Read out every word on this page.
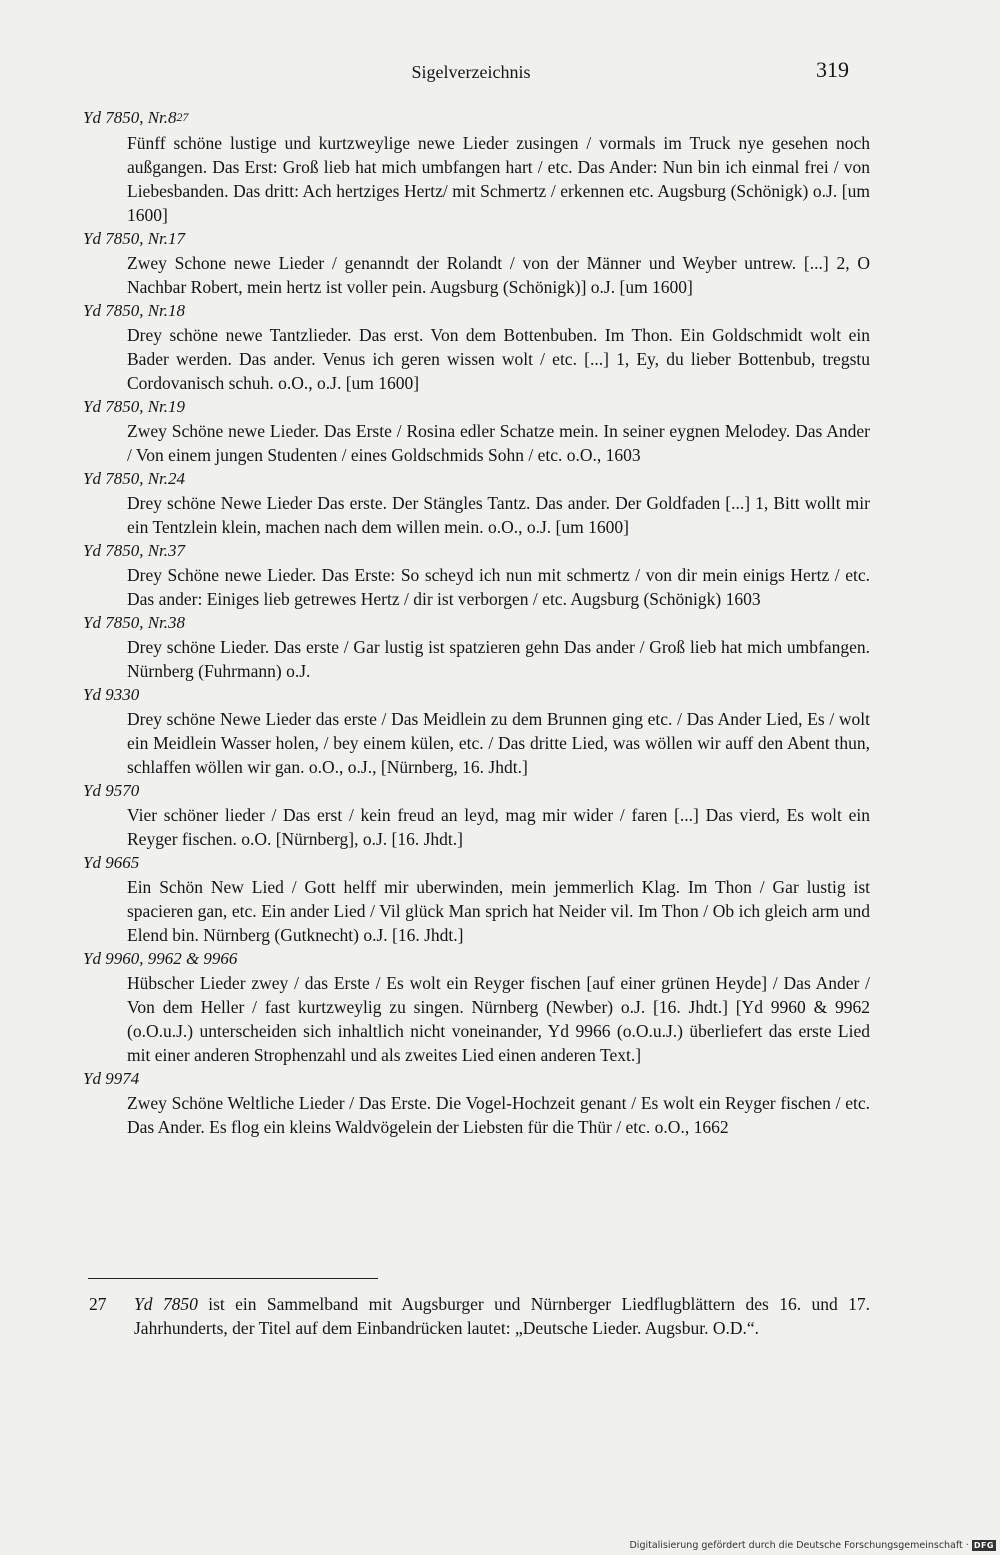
Sigelverzeichnis	319
Yd 7850, $Nr.8^{27}$
Fünff schöne lustige und kurtzweylige newe Lieder zusingen / vormals im Truck nye gesehen noch außgangen. Das Erst: Groß lieb hat mich umbfangen hart / etc. Das Ander: Nun bin ich einmal frei / von Liebesbanden. Das dritt: Ach hertziges Hertz/ mit Schmertz / erkennen etc. Augsburg (Schönigk) o.J. [um 1600]
Yd 7850, Nr.17
Zwey Schone newe Lieder / genanndt der Rolandt / von der Männer und Weyber untrew. [...] 2, O Nachbar Robert, mein hertz ist voller pein. Augsburg (Schönigk)] o.J. [um 1600]
Yd 7850, Nr.18
Drey schöne newe Tantzlieder. Das erst. Von dem Bottenbuben. Im Thon. Ein Goldschmidt wolt ein Bader werden. Das ander. Venus ich geren wissen wolt / etc. [...] 1, Ey, du lieber Bottenbub, tregstu Cordovanisch schuh. o.O., o.J. [um 1600]
Yd 7850, Nr.19
Zwey Schöne newe Lieder. Das Erste / Rosina edler Schatze mein. In seiner eygnen Melodey. Das Ander / Von einem jungen Studenten / eines Goldschmids Sohn / etc. o.O., 1603
Yd 7850, Nr.24
Drey schöne Newe Lieder Das erste. Der Stängles Tantz. Das ander. Der Goldfaden [...] 1, Bitt wollt mir ein Tentzlein klein, machen nach dem willen mein. o.O., o.J. [um 1600]
Yd 7850, Nr.37
Drey Schöne newe Lieder. Das Erste: So scheyd ich nun mit schmertz / von dir mein einigs Hertz / etc. Das ander: Einiges lieb getrewes Hertz / dir ist verborgen / etc. Augsburg (Schönigk) 1603
Yd 7850, Nr.38
Drey schöne Lieder. Das erste / Gar lustig ist spatzieren gehn Das ander / Groß lieb hat mich umbfangen. Nürnberg (Fuhrmann) o.J.
Yd 9330
Drey schöne Newe Lieder das erste / Das Meidlein zu dem Brunnen ging etc. / Das Ander Lied, Es / wolt ein Meidlein Wasser holen, / bey einem külen, etc. / Das dritte Lied, was wöllen wir auff den Abent thun, schlaffen wöllen wir gan. o.O., o.J., [Nürnberg, 16. Jhdt.]
Yd 9570
Vier schöner lieder / Das erst / kein freud an leyd, mag mir wider / faren [...] Das vierd, Es wolt ein Reyger fischen. o.O. [Nürnberg], o.J. [16. Jhdt.]
Yd 9665
Ein Schön New Lied / Gott helff mir uberwinden, mein jemmerlich Klag. Im Thon / Gar lustig ist spacieren gan, etc. Ein ander Lied / Vil glück Man sprich hat Neider vil. Im Thon / Ob ich gleich arm und Elend bin. Nürnberg (Gutknecht) o.J. [16. Jhdt.]
Yd 9960, 9962 & 9966
Hübscher Lieder zwey / das Erste / Es wolt ein Reyger fischen [auf einer grünen Heyde] / Das Ander / Von dem Heller / fast kurtzweylig zu singen. Nürnberg (Newber) o.J. [16. Jhdt.] [Yd 9960 & 9962 (o.O.u.J.) unterscheiden sich inhaltlich nicht voneinander, Yd 9966 (o.O.u.J.) überliefert das erste Lied mit einer anderen Strophenzahl und als zweites Lied einen anderen Text.]
Yd 9974
Zwey Schöne Weltliche Lieder / Das Erste. Die Vogel-Hochzeit genant / Es wolt ein Reyger fischen / etc. Das Ander. Es flog ein kleins Waldvögelein der Liebsten für die Thür / etc. o.O., 1662
27 Yd 7850 ist ein Sammelband mit Augsburger und Nürnberger Liedflugblättern des 16. und 17. Jahrhunderts, der Titel auf dem Einbandrücken lautet: „Deutsche Lieder. Augsbur. O.D.“.
Digitalisierung gefördert durch die Deutsche Forschungsgemeinschaft · DFG
